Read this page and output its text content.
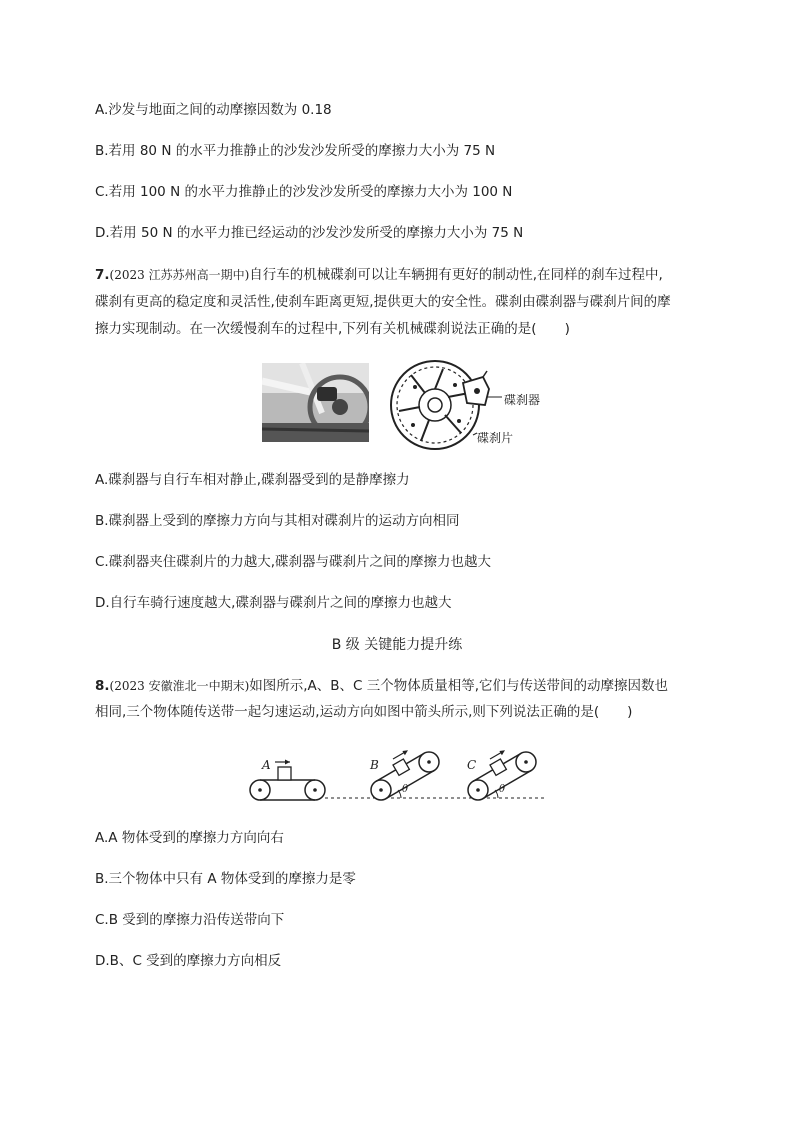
A.沙发与地面之间的动摩擦因数为 0.18
B.若用 80 N 的水平力推静止的沙发沙发所受的摩擦力大小为 75 N
C.若用 100 N 的水平力推静止的沙发沙发所受的摩擦力大小为 100 N
D.若用 50 N 的水平力推已经运动的沙发沙发所受的摩擦力大小为 75 N
7.(2023 江苏苏州高一期中)自行车的机械碟刹可以让车辆拥有更好的制动性,在同样的刹车过程中,
碟刹有更高的稳定度和灵活性,使刹车距离更短,提供更大的安全性。碟刹由碟刹器与碟刹片间的摩
擦力实现制动。在一次缓慢刹车的过程中,下列有关机械碟刹说法正确的是( )
碟刹器
碟刹片
A.碟刹器与自行车相对静止,碟刹器受到的是静摩擦力
B.碟刹器上受到的摩擦力方向与其相对碟刹片的运动方向相同
C.碟刹器夹住碟刹片的力越大,碟刹器与碟刹片之间的摩擦力也越大
D.自行车骑行速度越大,碟刹器与碟刹片之间的摩擦力也越大
B 级 关键能力提升练
8.(2023 安徽淮北一中期末)如图所示,A、B、C 三个物体质量相等,它们与传送带间的动摩擦因数也
相同,三个物体随传送带一起匀速运动,运动方向如图中箭头所示,则下列说法正确的是( )
A	B	C
θ	θ
A.A 物体受到的摩擦力方向向右
B.三个物体中只有 A 物体受到的摩擦力是零
C.B 受到的摩擦力沿传送带向下
D.B、C 受到的摩擦力方向相反
